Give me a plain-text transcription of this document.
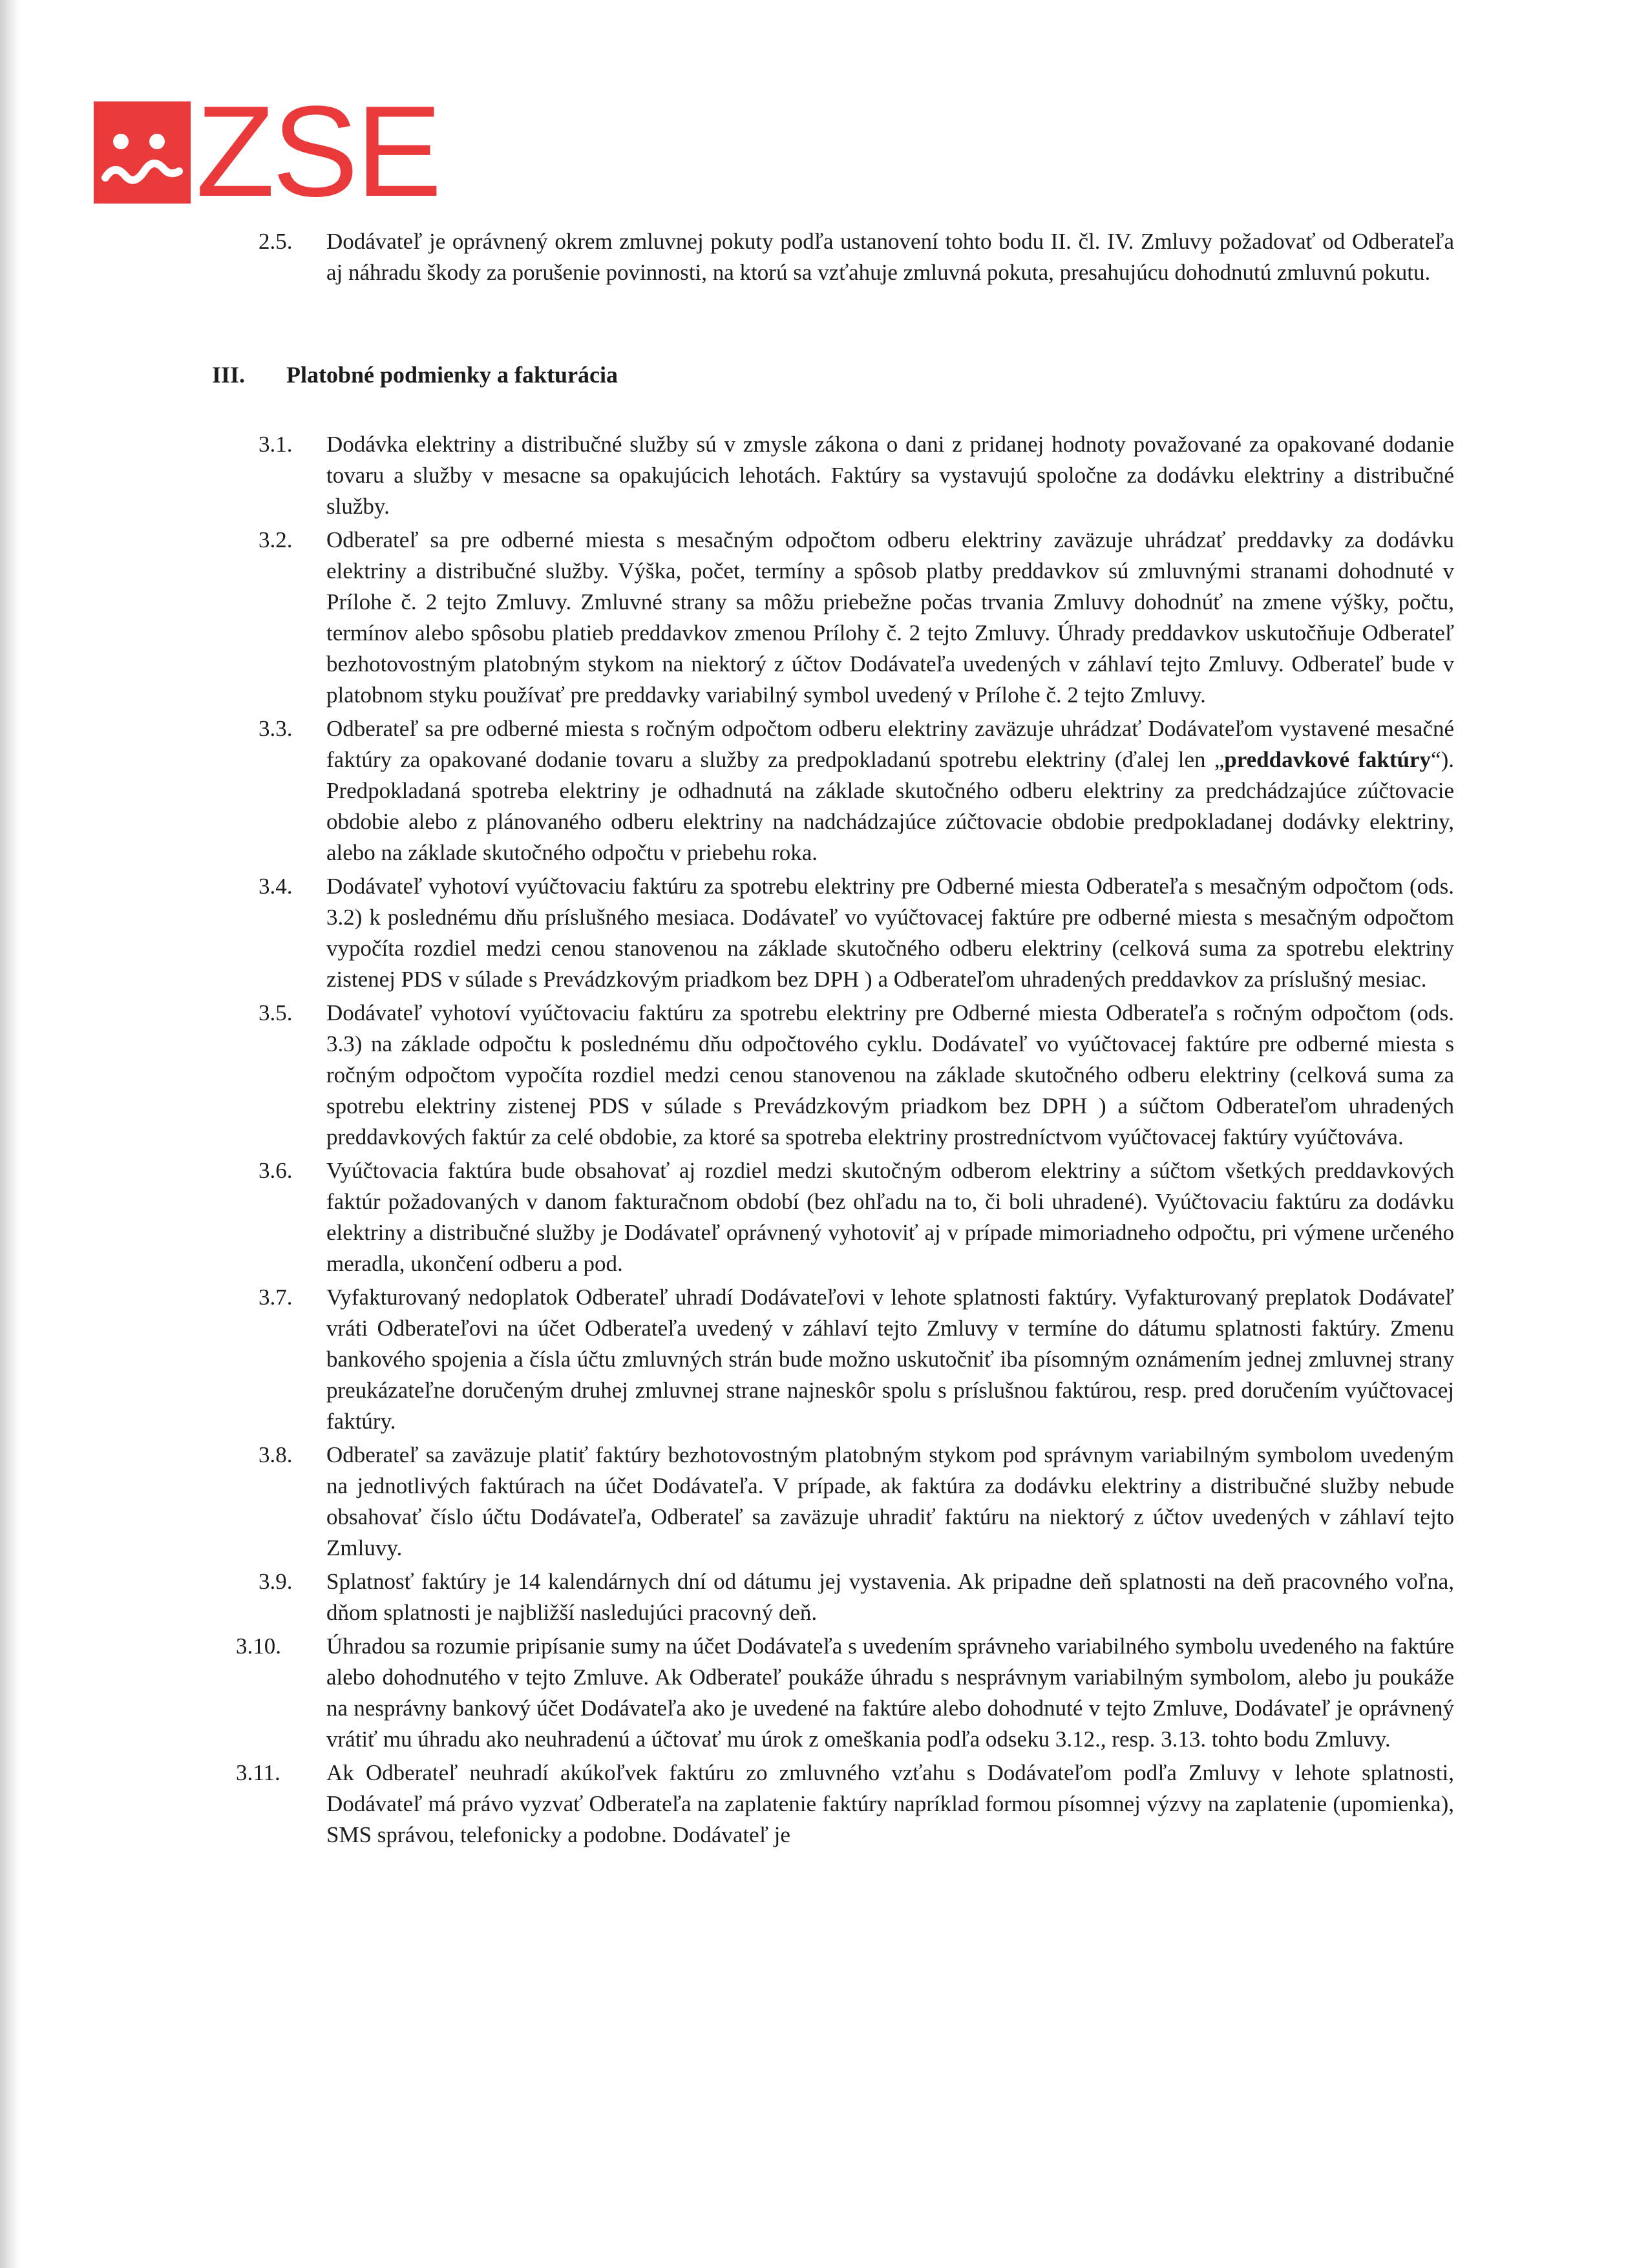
ZSE
2.5. Dodávateľ je oprávnený okrem zmluvnej pokuty podľa ustanovení tohto bodu II. čl. IV. Zmluvy požadovať od Odberateľa aj náhradu škody za porušenie povinnosti, na ktorú sa vzťahuje zmluvná pokuta, presahujúcu dohodnutú zmluvnú pokutu.
III.	Platobné podmienky a fakturácia
3.1. Dodávka elektriny a distribučné služby sú v zmysle zákona o dani z pridanej hodnoty považované za opakované dodanie tovaru a služby v mesacne sa opakujúcich lehotách. Faktúry sa vystavujú spoločne za dodávku elektriny a distribučné služby.
3.2. Odberateľ sa pre odberné miesta s mesačným odpočtom odberu elektriny zaväzuje uhrádzať preddavky za dodávku elektriny a distribučné služby. Výška, počet, termíny a spôsob platby preddavkov sú zmluvnými stranami dohodnuté v Prílohe č. 2 tejto Zmluvy. Zmluvné strany sa môžu priebežne počas trvania Zmluvy dohodnúť na zmene výšky, počtu, termínov alebo spôsobu platieb preddavkov zmenou Prílohy č. 2 tejto Zmluvy. Úhrady preddavkov uskutočňuje Odberateľ bezhotovostným platobným stykom na niektorý z účtov Dodávateľa uvedených v záhlaví tejto Zmluvy. Odberateľ bude v platobnom styku používať pre preddavky variabilný symbol uvedený v Prílohe č. 2 tejto Zmluvy.
3.3. Odberateľ sa pre odberné miesta s ročným odpočtom odberu elektriny zaväzuje uhrádzať Dodávateľom vystavené mesačné faktúry za opakované dodanie tovaru a služby za predpokladanú spotrebu elektriny (ďalej len „preddavkové faktúry“). Predpokladaná spotreba elektriny je odhadnutá na základe skutočného odberu elektriny za predchádzajúce zúčtovacie obdobie alebo z plánovaného odberu elektriny na nadchádzajúce zúčtovacie obdobie predpokladanej dodávky elektriny, alebo na základe skutočného odpočtu v priebehu roka.
3.4. Dodávateľ vyhotoví vyúčtovaciu faktúru za spotrebu elektriny pre Odberné miesta Odberateľa s mesačným odpočtom (ods. 3.2) k poslednému dňu príslušného mesiaca. Dodávateľ vo vyúčtovacej faktúre pre odberné miesta s mesačným odpočtom vypočíta rozdiel medzi cenou stanovenou na základe skutočného odberu elektriny (celková suma za spotrebu elektriny zistenej PDS v súlade s Prevádzkovým priadkom bez DPH ) a Odberateľom uhradených preddavkov za príslušný mesiac.
3.5. Dodávateľ vyhotoví vyúčtovaciu faktúru za spotrebu elektriny pre Odberné miesta Odberateľa s ročným odpočtom (ods. 3.3) na základe odpočtu k poslednému dňu odpočtového cyklu. Dodávateľ vo vyúčtovacej faktúre pre odberné miesta s ročným odpočtom vypočíta rozdiel medzi cenou stanovenou na základe skutočného odberu elektriny (celková suma za spotrebu elektriny zistenej PDS v súlade s Prevádzkovým priadkom bez DPH ) a súčtom Odberateľom uhradených preddavkových faktúr za celé obdobie, za ktoré sa spotreba elektriny prostredníctvom vyúčtovacej faktúry vyúčtováva.
3.6. Vyúčtovacia faktúra bude obsahovať aj rozdiel medzi skutočným odberom elektriny a súčtom všetkých preddavkových faktúr požadovaných v danom fakturačnom období (bez ohľadu na to, či boli uhradené). Vyúčtovaciu faktúru za dodávku elektriny a distribučné služby je Dodávateľ oprávnený vyhotoviť aj v prípade mimoriadneho odpočtu, pri výmene určeného meradla, ukončení odberu a pod.
3.7. Vyfakturovaný nedoplatok Odberateľ uhradí Dodávateľovi v lehote splatnosti faktúry. Vyfakturovaný preplatok Dodávateľ vráti Odberateľovi na účet Odberateľa uvedený v záhlaví tejto Zmluvy v termíne do dátumu splatnosti faktúry. Zmenu bankového spojenia a čísla účtu zmluvných strán bude možno uskutočniť iba písomným oznámením jednej zmluvnej strany preukázateľne doručeným druhej zmluvnej strane najneskôr spolu s príslušnou faktúrou, resp. pred doručením vyúčtovacej faktúry.
3.8. Odberateľ sa zaväzuje platiť faktúry bezhotovostným platobným stykom pod správnym variabilným symbolom uvedeným na jednotlivých faktúrach na účet Dodávateľa. V prípade, ak faktúra za dodávku elektriny a distribučné služby nebude obsahovať číslo účtu Dodávateľa, Odberateľ sa zaväzuje uhradiť faktúru na niektorý z účtov uvedených v záhlaví tejto Zmluvy.
3.9. Splatnosť faktúry je 14 kalendárnych dní od dátumu jej vystavenia. Ak pripadne deň splatnosti na deň pracovného voľna, dňom splatnosti je najbližší nasledujúci pracovný deň.
3.10. Úhradou sa rozumie pripísanie sumy na účet Dodávateľa s uvedením správneho variabilného symbolu uvedeného na faktúre alebo dohodnutého v tejto Zmluve. Ak Odberateľ poukáže úhradu s nesprávnym variabilným symbolom, alebo ju poukáže na nesprávny bankový účet Dodávateľa ako je uvedené na faktúre alebo dohodnuté v tejto Zmluve, Dodávateľ je oprávnený vrátiť mu úhradu ako neuhradenú a účtovať mu úrok z omeškania podľa odseku 3.12., resp. 3.13. tohto bodu Zmluvy.
3.11. Ak Odberateľ neuhradí akúkoľvek faktúru zo zmluvného vzťahu s Dodávateľom podľa Zmluvy v lehote splatnosti, Dodávateľ má právo vyzvať Odberateľa na zaplatenie faktúry napríklad formou písomnej výzvy na zaplatenie (upomienka), SMS správou, telefonicky a podobne. Dodávateľ je
